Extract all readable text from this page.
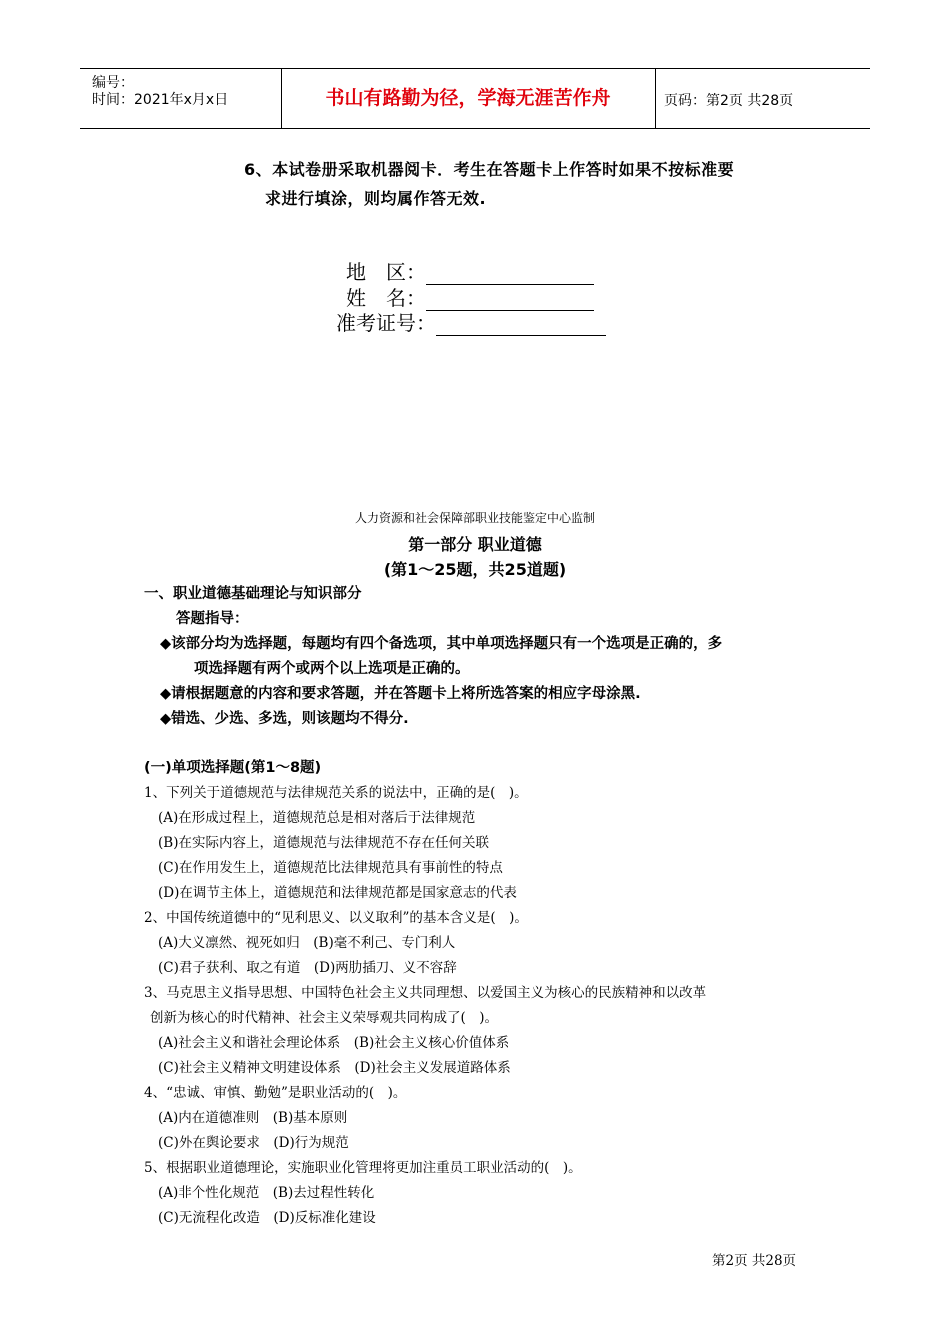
编号：
时间：2021年x月x日	书山有路勤为径，学海无涯苦作舟	页码：第2页 共28页
6、本试卷册采取机器阅卡．考生在答题卡上作答时如果不按标准要
求进行填涂，则均属作答无效.
地　区：
姓　名：
准考证号：
人力资源和社会保障部职业技能鉴定中心监制
第一部分 职业道德
(第1～25题，共25道题)
一、职业道德基础理论与知识部分
答题指导：
◆该部分均为选择题，每题均有四个备选项，其中单项选择题只有一个选项是正确的，多
项选择题有两个或两个以上选项是正确的。
◆请根据题意的内容和要求答题，并在答题卡上将所选答案的相应字母涂黑.
◆错选、少选、多选，则该题均不得分.
(一)单项选择题(第1～8题)
1、下列关于道德规范与法律规范关系的说法中，正确的是(　)。
(A)在形成过程上，道德规范总是相对落后于法律规范
(B)在实际内容上，道德规范与法律规范不存在任何关联
(C)在作用发生上，道德规范比法律规范具有事前性的特点
(D)在调节主体上，道德规范和法律规范都是国家意志的代表
2、中国传统道德中的“见利思义、以义取利”的基本含义是(　)。
(A)大义凛然、视死如归　(B)毫不利己、专门利人
(C)君子获利、取之有道　(D)两肋插刀、义不容辞
3、马克思主义指导思想、中国特色社会主义共同理想、以爱国主义为核心的民族精神和以改革
创新为核心的时代精神、社会主义荣辱观共同构成了(　)。
(A)社会主义和谐社会理论体系　(B)社会主义核心价值体系
(C)社会主义精神文明建设体系　(D)社会主义发展道路体系
4、“忠诚、审慎、勤勉”是职业活动的(　)。
(A)内在道德准则　(B)基本原则
(C)外在舆论要求　(D)行为规范
5、根据职业道德理论，实施职业化管理将更加注重员工职业活动的(　)。
(A)非个性化规范　(B)去过程性转化
(C)无流程化改造　(D)反标准化建设
第2页 共28页
